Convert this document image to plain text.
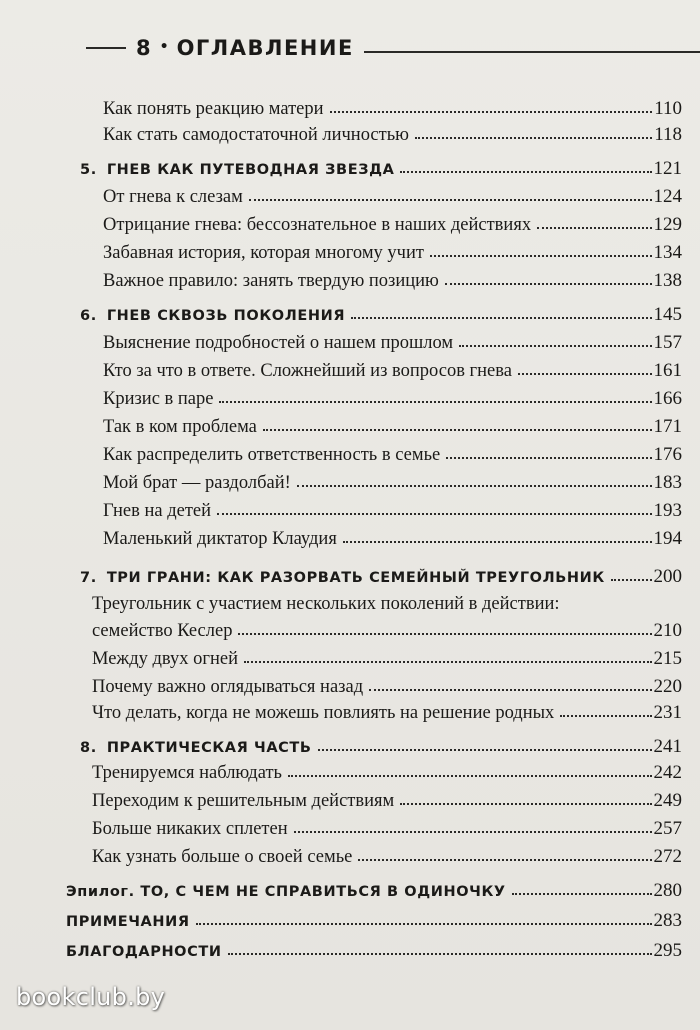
8 • ОГЛАВЛЕНИЕ
Как понять реакцию матери	110
Как стать самодостаточной личностью	118
5. ГНЕВ КАК ПУТЕВОДНАЯ ЗВЕЗДА	121
От гнева к слезам	124
Отрицание гнева: бессознательное в наших действиях	129
Забавная история, которая многому учит	134
Важное правило: занять твердую позицию	138
6. ГНЕВ СКВОЗЬ ПОКОЛЕНИЯ	145
Выяснение подробностей о нашем прошлом	157
Кто за что в ответе. Сложнейший из вопросов гнева	161
Кризис в паре	166
Так в ком проблема	171
Как распределить ответственность в семье	176
Мой брат — раздолбай!	183
Гнев на детей	193
Маленький диктатор Клаудия	194
7. ТРИ ГРАНИ: КАК РАЗОРВАТЬ СЕМЕЙНЫЙ ТРЕУГОЛЬНИК	200
Треугольник с участием нескольких поколений в действии:
семейство Кеслер	210
Между двух огней	215
Почему важно оглядываться назад	220
Что делать, когда не можешь повлиять на решение родных	231
8. ПРАКТИЧЕСКАЯ ЧАСТЬ	241
Тренируемся наблюдать	242
Переходим к решительным действиям	249
Больше никаких сплетен	257
Как узнать больше о своей семье	272
Эпилог. ТО, С ЧЕМ НЕ СПРАВИТЬСЯ В ОДИНОЧКУ	280
ПРИМЕЧАНИЯ	283
БЛАГОДАРНОСТИ	295
bookclub.by
